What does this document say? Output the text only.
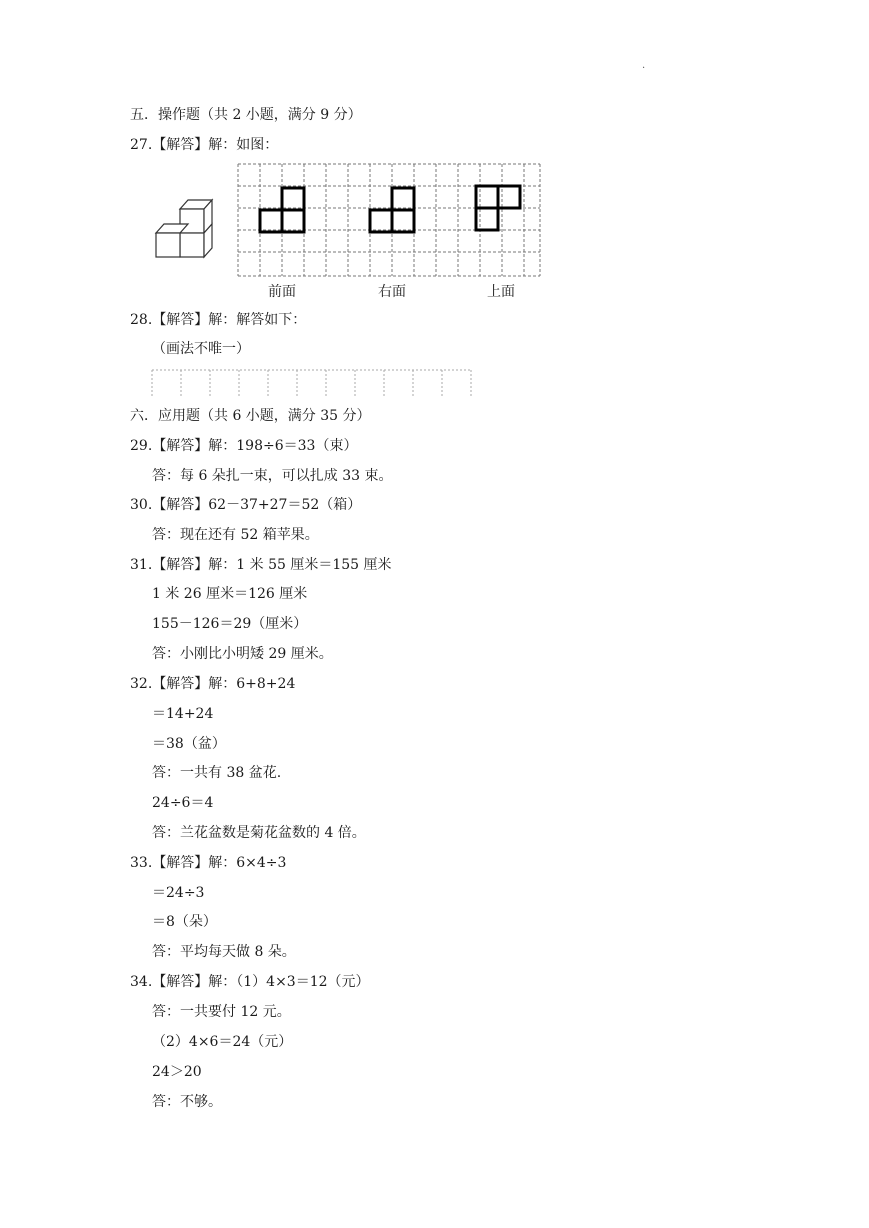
.
五．操作题（共 2 小题，满分 9 分）
27.【解答】解：如图：
前面	右面	上面
28.【解答】解：解答如下：
（画法不唯一）
六．应用题（共 6 小题，满分 35 分）
29.【解答】解：198÷6＝33（束）
答：每 6 朵扎一束，可以扎成 33 束。
30.【解答】62－37+27＝52（箱）
答：现在还有 52 箱苹果。
31.【解答】解：1 米 55 厘米＝155 厘米
1 米 26 厘米＝126 厘米
155－126＝29（厘米）
答：小刚比小明矮 29 厘米。
32.【解答】解：6+8+24
＝14+24
＝38（盆）
答：一共有 38 盆花.
24÷6＝4
答：兰花盆数是菊花盆数的 4 倍。
33.【解答】解：6×4÷3
＝24÷3
＝8（朵）
答：平均每天做 8 朵。
34.【解答】解：（1）4×3＝12（元）
答：一共要付 12 元。
（2）4×6＝24（元）
24＞20
答：不够。
